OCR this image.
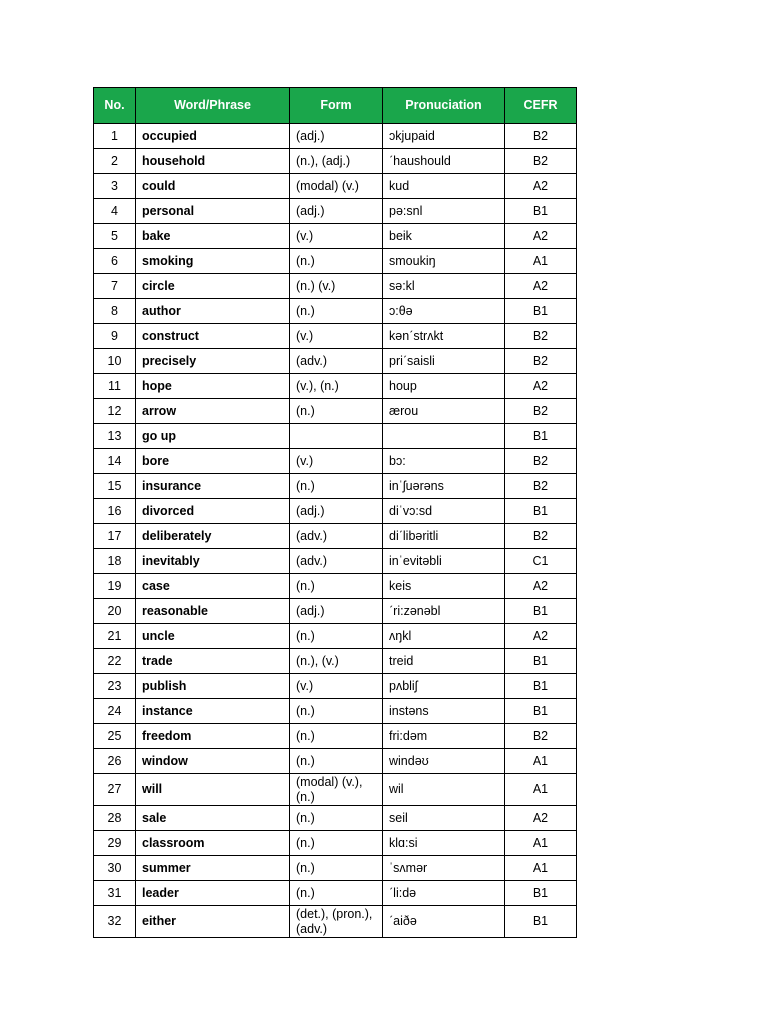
No.	Word/Phrase	Form	Pronuciation	CEFR
1	occupied	(adj.)	ɔkjupaid	B2
2	household	(n.), (adj.)	ˊhaushould	B2
3	could	(modal) (v.)	kud	A2
4	personal	(adj.)	pə:snl	B1
5	bake	(v.)	beik	A2
6	smoking	(n.)	smoukiŋ	A1
7	circle	(n.) (v.)	sə:kl	A2
8	author	(n.)	ɔ:θə	B1
9	construct	(v.)	kənˊstrʌkt	B2
10	precisely	(adv.)	priˊsaisli	B2
11	hope	(v.), (n.)	houp	A2
12	arrow	(n.)	ærou	B2
13	go up			B1
14	bore	(v.)	bɔ:	B2
15	insurance	(n.)	inˈʃuərəns	B2
16	divorced	(adj.)	diˈvɔ:sd	B1
17	deliberately	(adv.)	diˊlibəritli	B2
18	inevitably	(adv.)	inˈevitəbli	C1
19	case	(n.)	keis	A2
20	reasonable	(adj.)	ˊri:zənəbl	B1
21	uncle	(n.)	ʌŋkl	A2
22	trade	(n.), (v.)	treid	B1
23	publish	(v.)	pʌbliʃ	B1
24	instance	(n.)	instəns	B1
25	freedom	(n.)	fri:dəm	B2
26	window	(n.)	windəʊ	A1
27	will	(modal) (v.), (n.)	wil	A1
28	sale	(n.)	seil	A2
29	classroom	(n.)	klɑ:si	A1
30	summer	(n.)	ˈsʌmər	A1
31	leader	(n.)	ˊli:də	B1
32	either	(det.), (pron.), (adv.)	ˊaiðə	B1
